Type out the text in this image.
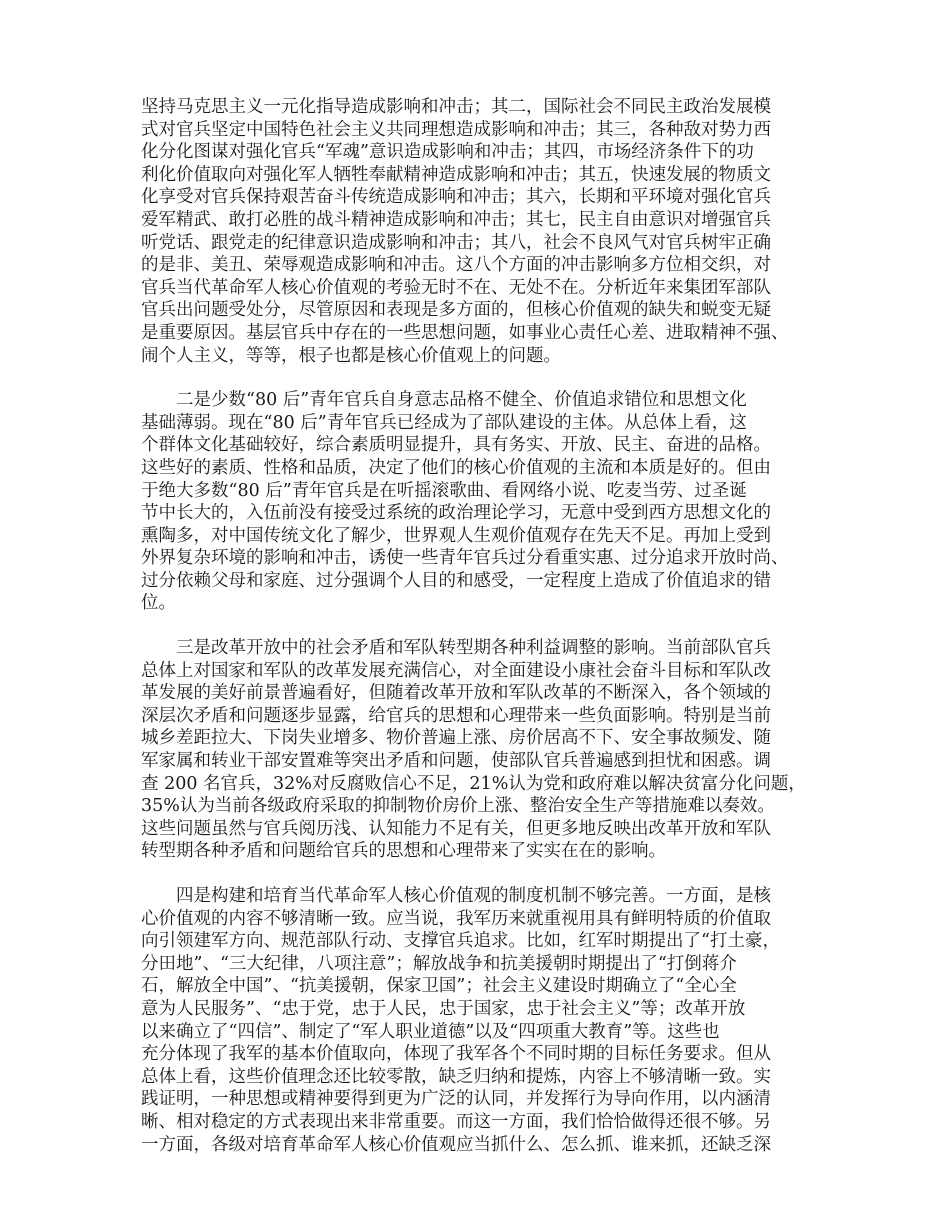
坚持马克思主义一元化指导造成影响和冲击；其二，国际社会不同民主政治发展模
式对官兵坚定中国特色社会主义共同理想造成影响和冲击；其三，各种敌对势力西
化分化图谋对强化官兵“军魂”意识造成影响和冲击；其四，市场经济条件下的功
利化价值取向对强化军人牺牲奉献精神造成影响和冲击；其五，快速发展的物质文
化享受对官兵保持艰苦奋斗传统造成影响和冲击；其六，长期和平环境对强化官兵
爱军精武、敢打必胜的战斗精神造成影响和冲击；其七，民主自由意识对增强官兵
听党话、跟党走的纪律意识造成影响和冲击；其八，社会不良风气对官兵树牢正确
的是非、美丑、荣辱观造成影响和冲击。这八个方面的冲击影响多方位相交织，对
官兵当代革命军人核心价值观的考验无时不在、无处不在。分析近年来集团军部队
官兵出问题受处分，尽管原因和表现是多方面的，但核心价值观的缺失和蜕变无疑
是重要原因。基层官兵中存在的一些思想问题，如事业心责任心差、进取精神不强、
闹个人主义，等等，根子也都是核心价值观上的问题。
二是少数“80 后”青年官兵自身意志品格不健全、价值追求错位和思想文化
基础薄弱。现在“80 后”青年官兵已经成为了部队建设的主体。从总体上看，这
个群体文化基础较好，综合素质明显提升，具有务实、开放、民主、奋进的品格。
这些好的素质、性格和品质，决定了他们的核心价值观的主流和本质是好的。但由
于绝大多数“80 后”青年官兵是在听摇滚歌曲、看网络小说、吃麦当劳、过圣诞
节中长大的，入伍前没有接受过系统的政治理论学习，无意中受到西方思想文化的
熏陶多，对中国传统文化了解少，世界观人生观价值观存在先天不足。再加上受到
外界复杂环境的影响和冲击，诱使一些青年官兵过分看重实惠、过分追求开放时尚、
过分依赖父母和家庭、过分强调个人目的和感受，一定程度上造成了价值追求的错
位。
三是改革开放中的社会矛盾和军队转型期各种利益调整的影响。当前部队官兵
总体上对国家和军队的改革发展充满信心，对全面建设小康社会奋斗目标和军队改
革发展的美好前景普遍看好，但随着改革开放和军队改革的不断深入，各个领域的
深层次矛盾和问题逐步显露，给官兵的思想和心理带来一些负面影响。特别是当前
城乡差距拉大、下岗失业增多、物价普遍上涨、房价居高不下、安全事故频发、随
军家属和转业干部安置难等突出矛盾和问题，使部队官兵普遍感到担忧和困惑。调
查 200 名官兵，32%对反腐败信心不足，21%认为党和政府难以解决贫富分化问题，
35%认为当前各级政府采取的抑制物价房价上涨、整治安全生产等措施难以奏效。
这些问题虽然与官兵阅历浅、认知能力不足有关，但更多地反映出改革开放和军队
转型期各种矛盾和问题给官兵的思想和心理带来了实实在在的影响。
四是构建和培育当代革命军人核心价值观的制度机制不够完善。一方面，是核
心价值观的内容不够清晰一致。应当说，我军历来就重视用具有鲜明特质的价值取
向引领建军方向、规范部队行动、支撑官兵追求。比如，红军时期提出了“打土豪，
分田地”、“三大纪律，八项注意”；解放战争和抗美援朝时期提出了“打倒蒋介
石，解放全中国”、“抗美援朝，保家卫国”；社会主义建设时期确立了“全心全
意为人民服务”、“忠于党，忠于人民，忠于国家，忠于社会主义”等；改革开放
以来确立了“四信”、制定了“军人职业道德”以及“四项重大教育”等。这些也
充分体现了我军的基本价值取向，体现了我军各个不同时期的目标任务要求。但从
总体上看，这些价值理念还比较零散，缺乏归纳和提炼，内容上不够清晰一致。实
践证明，一种思想或精神要得到更为广泛的认同，并发挥行为导向作用，以内涵清
晰、相对稳定的方式表现出来非常重要。而这一方面，我们恰恰做得还很不够。另
一方面，各级对培育革命军人核心价值观应当抓什么、怎么抓、谁来抓，还缺乏深
